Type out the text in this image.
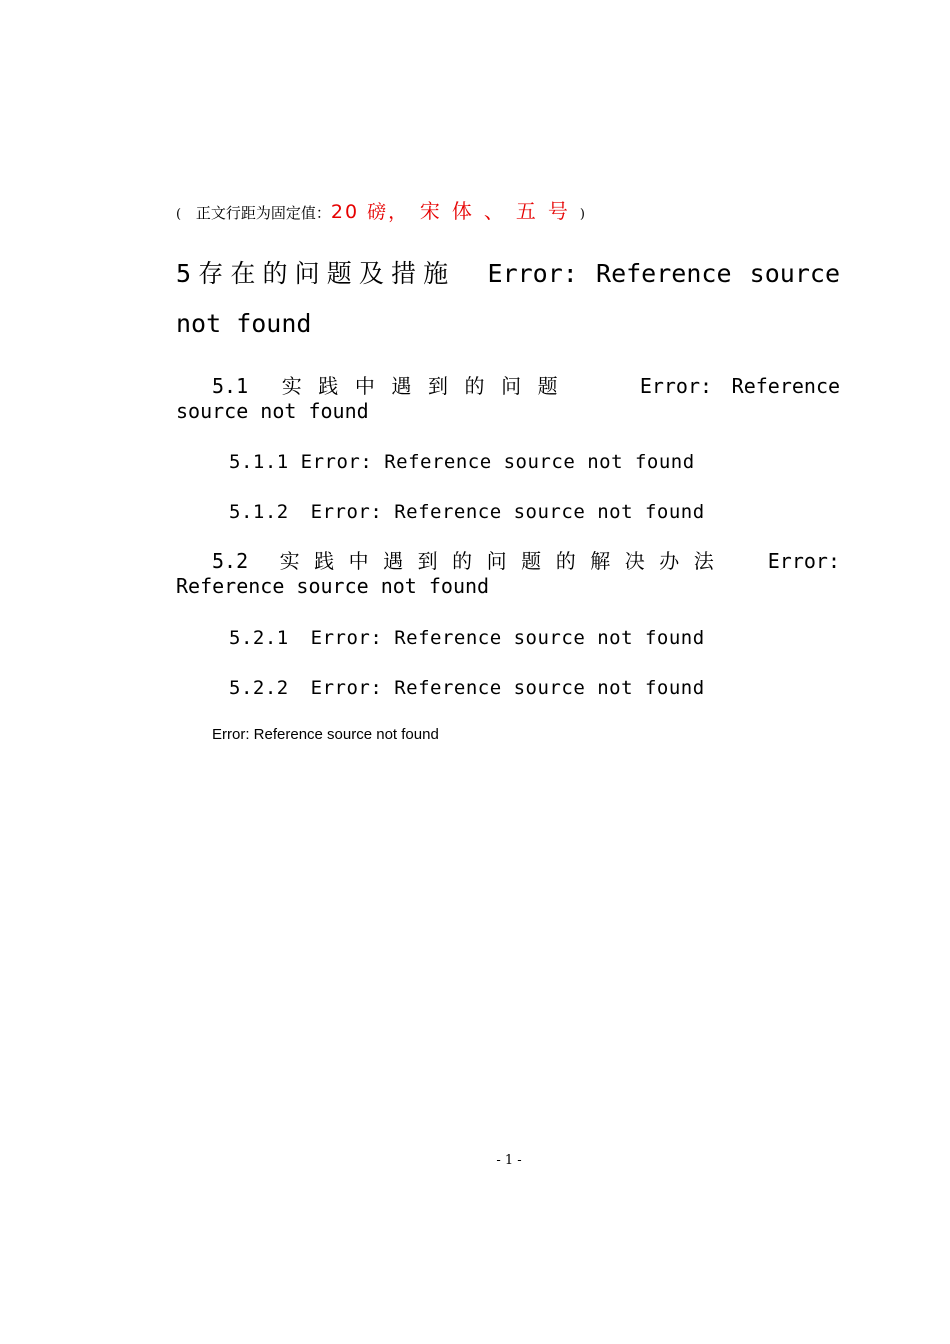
( 正文行距为固定值：20 磅， 宋体、五号)
5存在的问题及措施 Error: Reference source not found
5.1 实践中遇到的问题	Error: Reference source not found
5.1.1 Error: Reference source not found
5.1.2 Error: Reference source not found
5.2 实践中遇到的问题的解决办法 Error: Reference source not found
5.2.1 Error: Reference source not found
5.2.2 Error: Reference source not found
Error: Reference source not found
- 1 -
